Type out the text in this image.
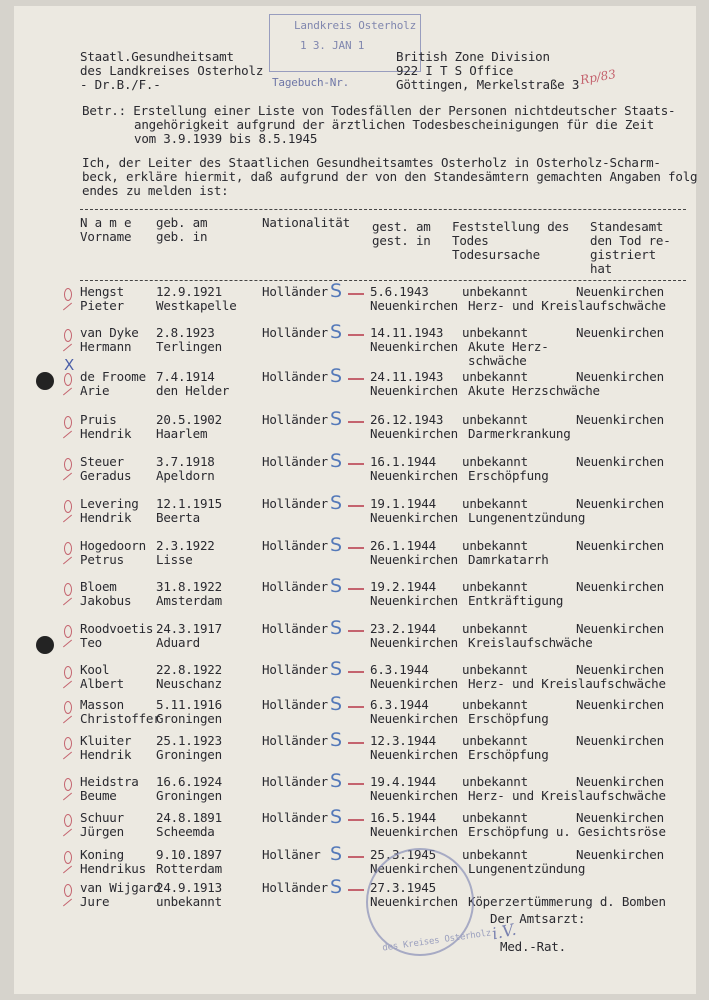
Landkreis Osterholz
1 3. JAN 1
Tagebuch-Nr.
Staatl.Gesundheitsamt
des Landkreises Osterholz
- Dr.B./F.-
British Zone Division
922 I T S Office
Göttingen, Merkelstraße 3 Rp/83
Betr.: Erstellung einer Liste von Todesfällen der Personen nichtdeutscher Staats-
angehörigkeit aufgrund der ärztlichen Todesbescheinigungen für die Zeit
vom 3.9.1939 bis 8.5.1945
Ich, der Leiter des Staatlichen Gesundheitsamtes Osterholz in Osterholz-Scharm-
beck, erkläre hiermit, daß aufgrund der von den Standesämtern gemachten Angaben folg
endes zu melden ist:
N a m e
Vorname
geb. am
geb. in
Nationalität gest. am
gest. in
Feststellung des
Todes
Todesursache
Standesamt
den Tod re-
gistriert
hat
X
Hengst
Pieter
12.9.1921
Westkapelle
Holländer S 5.6.1943
Neuenkirchen
unbekannt
Herz- und Kreislaufschwäche
Neuenkirchen
van Dyke
Hermann
2.8.1923
Terlingen
Holländer S 14.11.1943
Neuenkirchen
unbekannt
Akute Herz-
schwäche
Neuenkirchen
de Froome
Arie
7.4.1914
den Helder
Holländer S 24.11.1943
Neuenkirchen
unbekannt
Akute Herzschwäche
Neuenkirchen
Pruis
Hendrik
20.5.1902
Haarlem
Holländer S 26.12.1943
Neuenkirchen
unbekannt
Darmerkrankung
Neuenkirchen
Steuer
Geradus
3.7.1918
Apeldorn
Holländer S 16.1.1944
Neuenkirchen
unbekannt
Erschöpfung
Neuenkirchen
Levering
Hendrik
12.1.1915
Beerta
Holländer S 19.1.1944
Neuenkirchen
unbekannt
Lungenentzündung
Neuenkirchen
Hogedoorn
Petrus
2.3.1922
Lisse
Holländer S 26.1.1944
Neuenkirchen
unbekannt
Damrkatarrh
Neuenkirchen
Bloem
Jakobus
31.8.1922
Amsterdam
Holländer S 19.2.1944
Neuenkirchen
unbekannt
Entkräftigung
Neuenkirchen
Roodvoetis
Teo
24.3.1917
Aduard
Holländer S 23.2.1944
Neuenkirchen
unbekannt
Kreislaufschwäche
Neuenkirchen
Kool
Albert
22.8.1922
Neuschanz
Holländer S 6.3.1944
Neuenkirchen
unbekannt
Herz- und Kreislaufschwäche
Neuenkirchen
Masson
Christoffer
5.11.1916
Groningen
Holländer S 6.3.1944
Neuenkirchen
unbekannt
Erschöpfung
Neuenkirchen
Kluiter
Hendrik
25.1.1923
Groningen
Holländer S 12.3.1944
Neuenkirchen
unbekannt
Erschöpfung
Neuenkirchen
Heidstra
Beume
16.6.1924
Groningen
Holländer S 19.4.1944
Neuenkirchen
unbekannt
Herz- und Kreislaufschwäche
Neuenkirchen
Schuur
Jürgen
24.8.1891
Scheemda
Holländer S 16.5.1944
Neuenkirchen
unbekannt
Erschöpfung u. Gesichtsröse
Neuenkirchen
Koning
Hendrikus
9.10.1897
Rotterdam
Holläner S 25.3.1945
Neuenkirchen
unbekannt
Lungenentzündung
Neuenkirchen
van Wijgard
Jure
24.9.1913
unbekannt
Holländer S 27.3.1945
Neuenkirchen Köperzertümmerung d. Bomben
des Kreises Osterholz
Der Amtsarzt:
Med.-Rat.
i.V.
